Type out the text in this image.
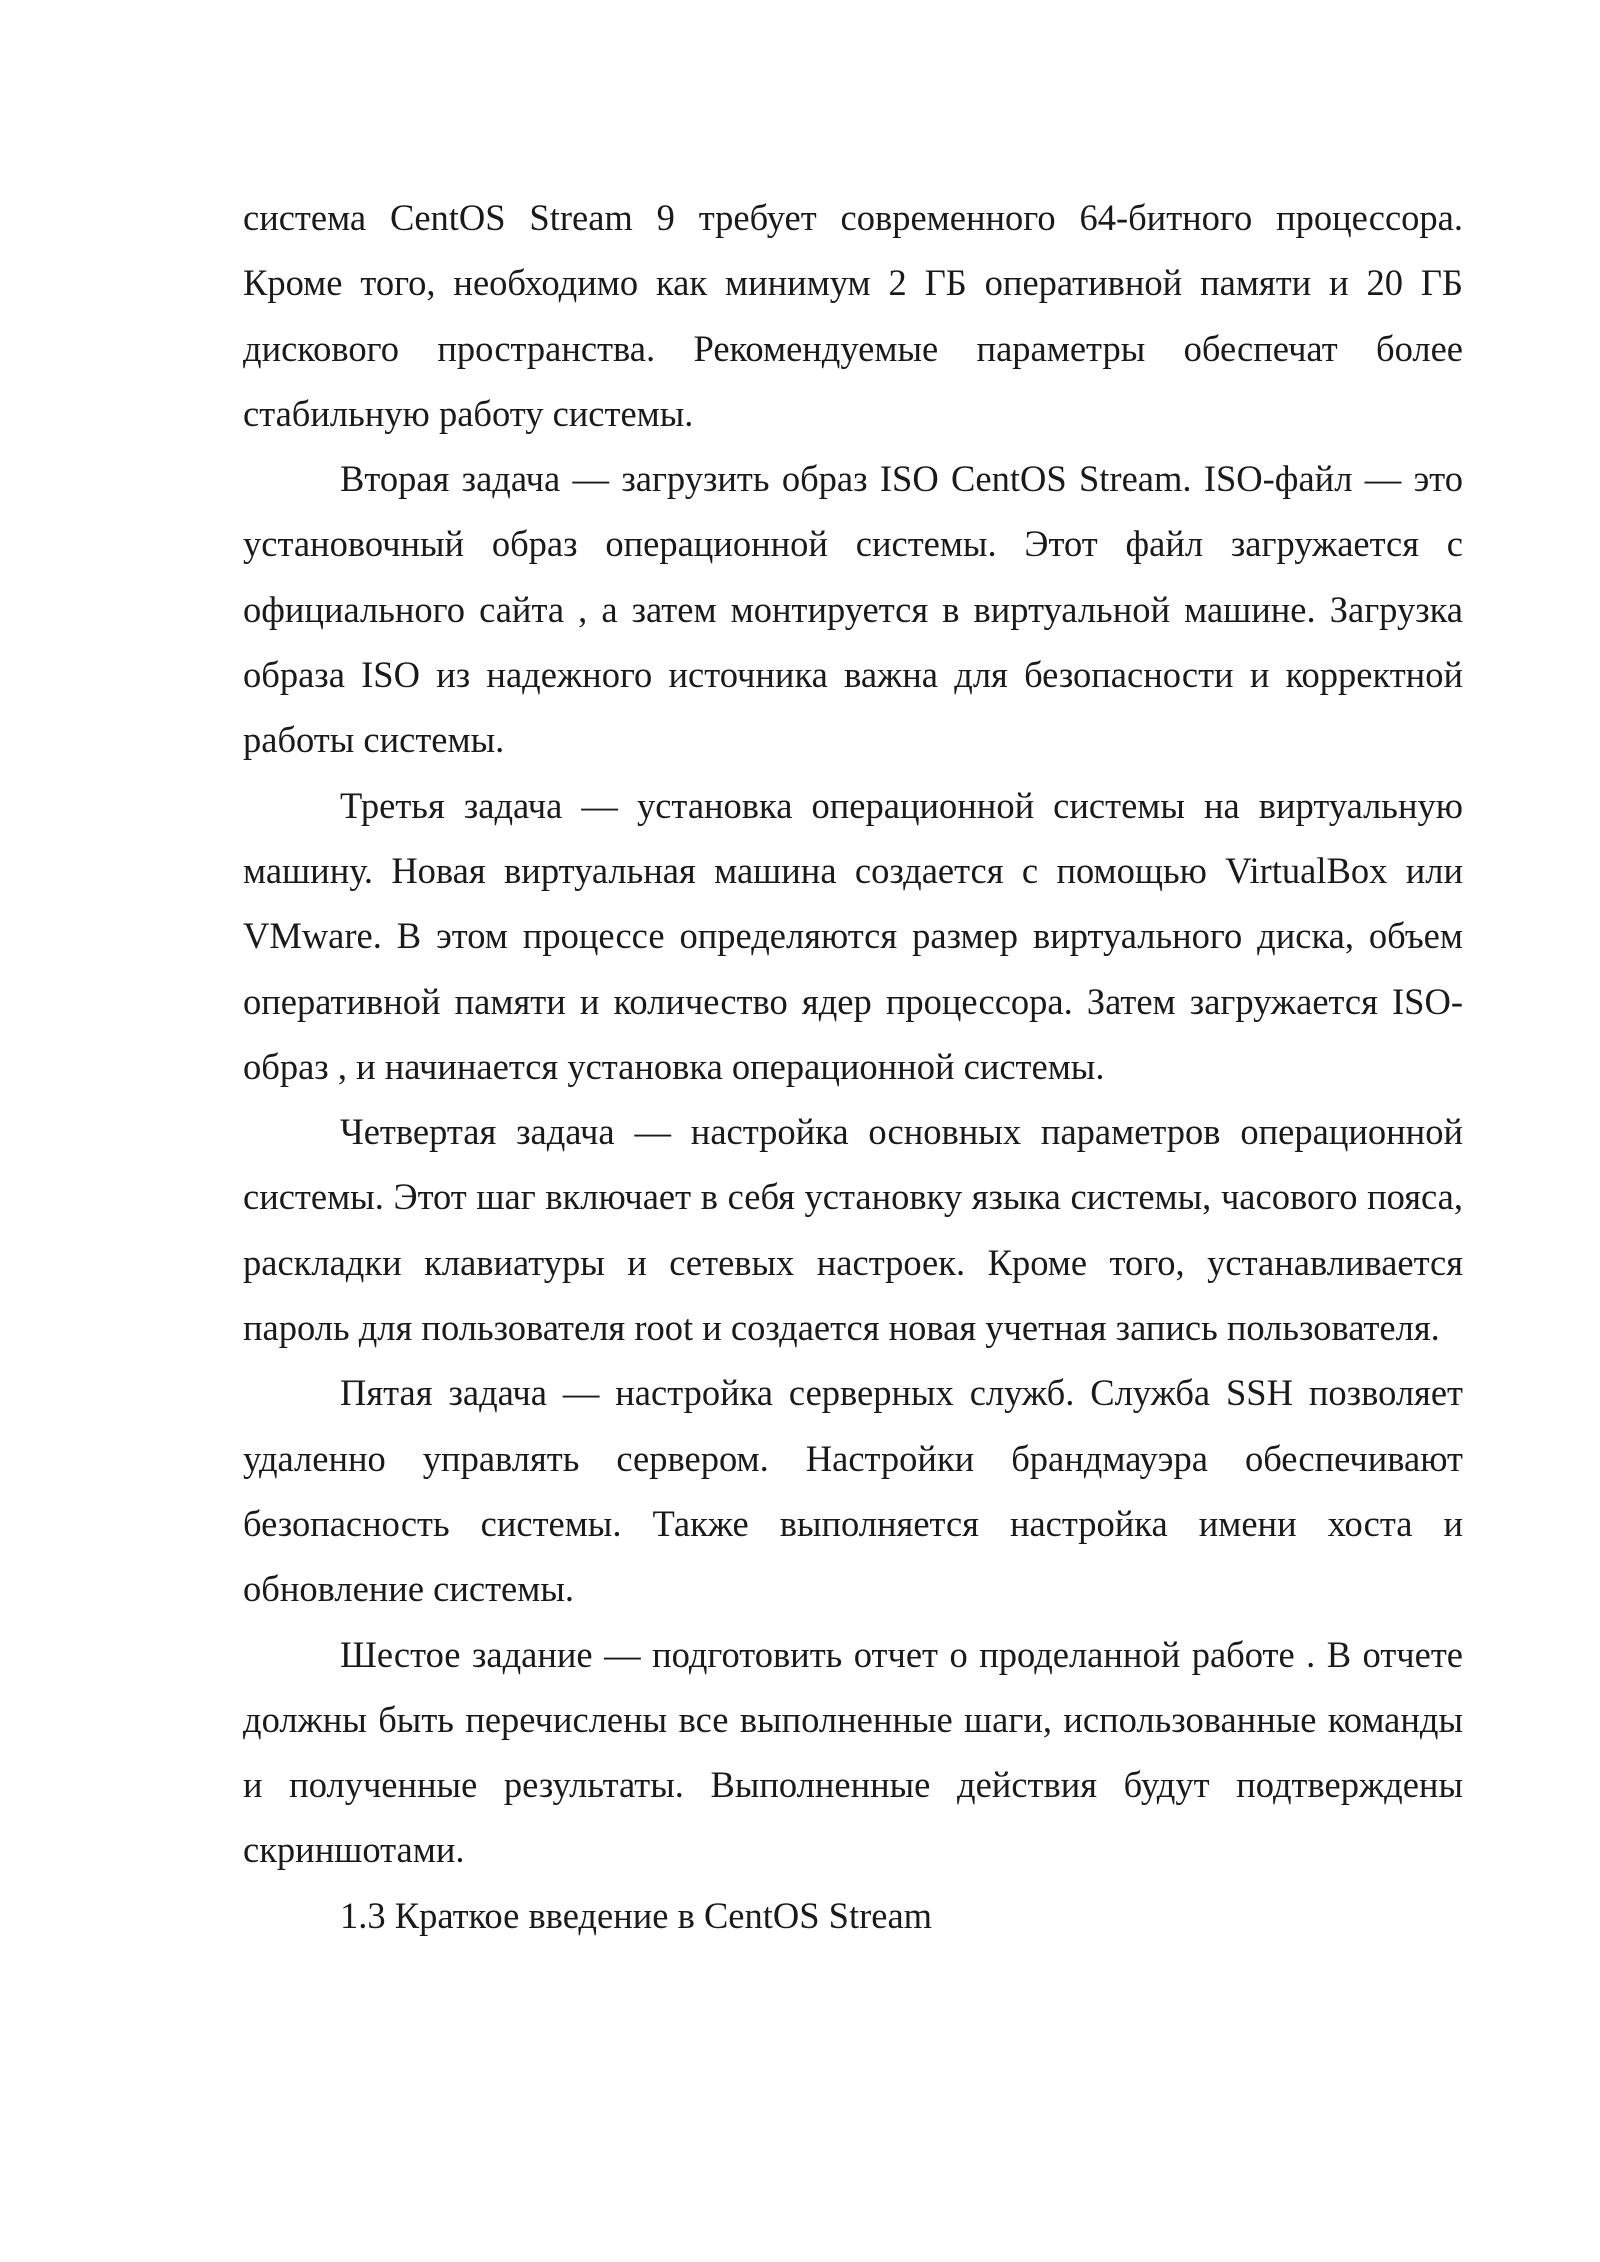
система CentOS Stream 9 требует современного 64-битного процессора. Кроме того, необходимо как минимум 2 ГБ оперативной памяти и 20 ГБ дискового пространства. Рекомендуемые параметры обеспечат более стабильную работу системы.

Вторая задача — загрузить образ ISO CentOS Stream. ISO-файл — это установочный образ операционной системы. Этот файл загружается с официального сайта , а затем монтируется в виртуальной машине. Загрузка образа ISO из надежного источника важна для безопасности и корректной работы системы.

Третья задача — установка операционной системы на виртуальную машину. Новая виртуальная машина создается с помощью VirtualBox или VMware. В этом процессе определяются размер виртуального диска, объем оперативной памяти и количество ядер процессора. Затем загружается ISO-образ , и начинается установка операционной системы.

Четвертая задача — настройка основных параметров операционной системы. Этот шаг включает в себя установку языка системы, часового пояса, раскладки клавиатуры и сетевых настроек. Кроме того, устанавливается пароль для пользователя root и создается новая учетная запись пользователя.

Пятая задача — настройка серверных служб. Служба SSH позволяет удаленно управлять сервером. Настройки брандмауэра обеспечивают безопасность системы. Также выполняется настройка имени хоста и обновление системы.

Шестое задание — подготовить отчет о проделанной работе . В отчете должны быть перечислены все выполненные шаги, использованные команды и полученные результаты. Выполненные действия будут подтверждены скриншотами.

1.3 Краткое введение в CentOS Stream
